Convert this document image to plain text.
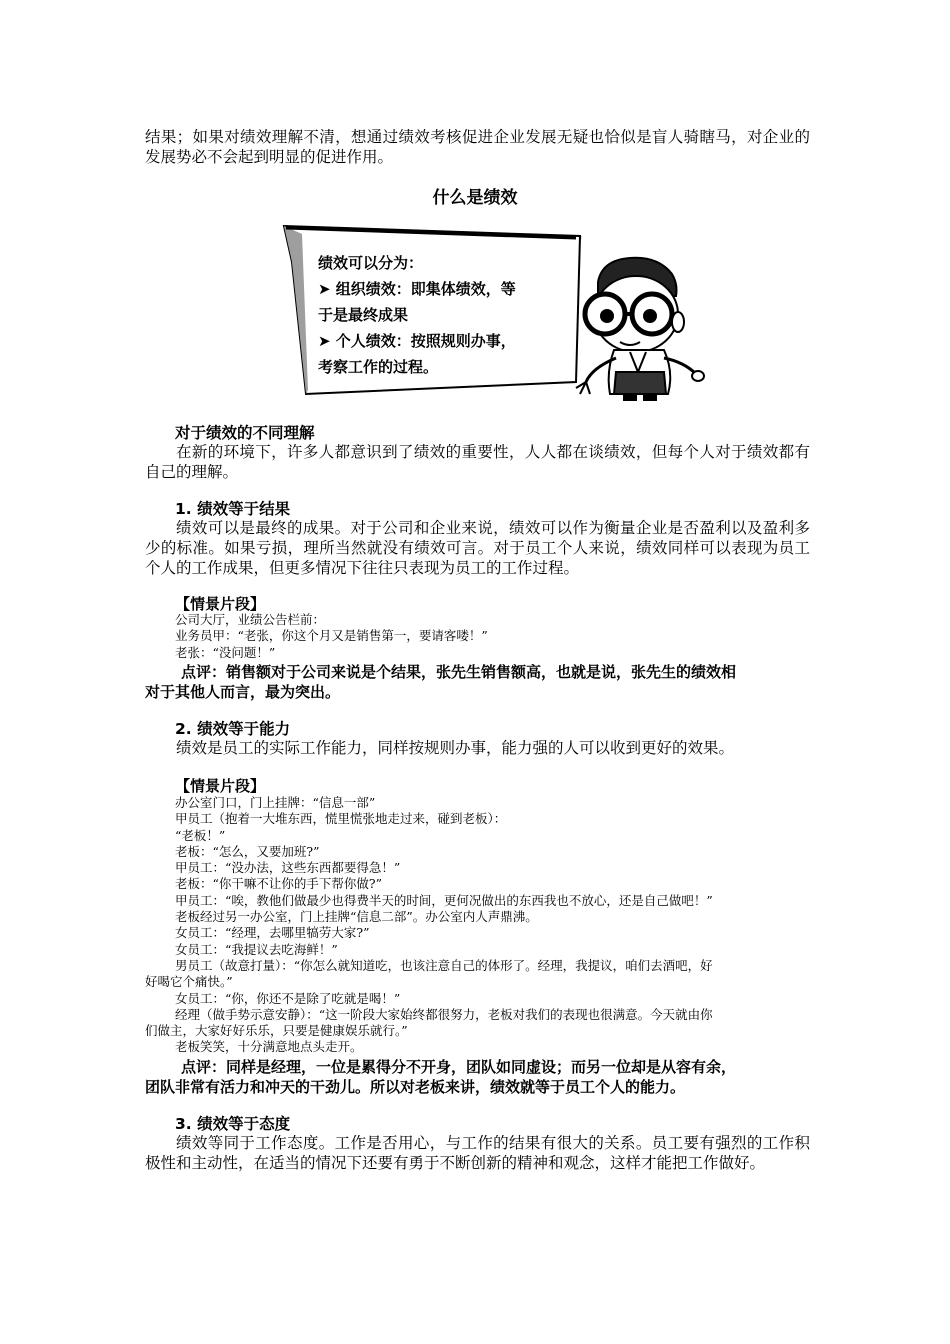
结果；如果对绩效理解不清，想通过绩效考核促进企业发展无疑也恰似是盲人骑瞎马，对企业的发展势必不会起到明显的促进作用。
什么是绩效
绩效可以分为：
➤ 组织绩效：即集体绩效，等
于是最终成果
➤ 个人绩效：按照规则办事，
考察工作的过程。
对于绩效的不同理解
在新的环境下，许多人都意识到了绩效的重要性，人人都在谈绩效，但每个人对于绩效都有自己的理解。
1. 绩效等于结果
绩效可以是最终的成果。对于公司和企业来说，绩效可以作为衡量企业是否盈利以及盈利多少的标准。如果亏损，理所当然就没有绩效可言。对于员工个人来说，绩效同样可以表现为员工个人的工作成果，但更多情况下往往只表现为员工的工作过程。
【情景片段】
公司大厅，业绩公告栏前：
业务员甲：“老张，你这个月又是销售第一，要请客喽！”
老张：“没问题！”
点评：销售额对于公司来说是个结果，张先生销售额高，也就是说，张先生的绩效相
对于其他人而言，最为突出。
2. 绩效等于能力
绩效是员工的实际工作能力，同样按规则办事，能力强的人可以收到更好的效果。
【情景片段】
办公室门口，门上挂牌：“信息一部”
甲员工（抱着一大堆东西，慌里慌张地走过来，碰到老板）：
“老板！”
老板：“怎么，又要加班?”
甲员工：“没办法，这些东西都要得急！”
老板：“你干嘛不让你的手下帮你做?”
甲员工：“唉，教他们做最少也得费半天的时间，更何况做出的东西我也不放心，还是自己做吧！”
老板经过另一办公室，门上挂牌“信息二部”。办公室内人声鼎沸。
女员工：“经理，去哪里犒劳大家?”
女员工：“我提议去吃海鲜！”
男员工（故意打量）：“你怎么就知道吃，也该注意自己的体形了。经理，我提议，咱们去酒吧，好
好喝它个痛快。”
女员工：“你，你还不是除了吃就是喝！”
经理（做手势示意安静）：“这一阶段大家始终都很努力，老板对我们的表现也很满意。今天就由你
们做主，大家好好乐乐，只要是健康娱乐就行。”
老板笑笑，十分满意地点头走开。
点评：同样是经理，一位是累得分不开身，团队如同虚设；而另一位却是从容有余，
团队非常有活力和冲天的干劲儿。所以对老板来讲，绩效就等于员工个人的能力。
3. 绩效等于态度
绩效等同于工作态度。工作是否用心，与工作的结果有很大的关系。员工要有强烈的工作积极性和主动性，在适当的情况下还要有勇于不断创新的精神和观念，这样才能把工作做好。
